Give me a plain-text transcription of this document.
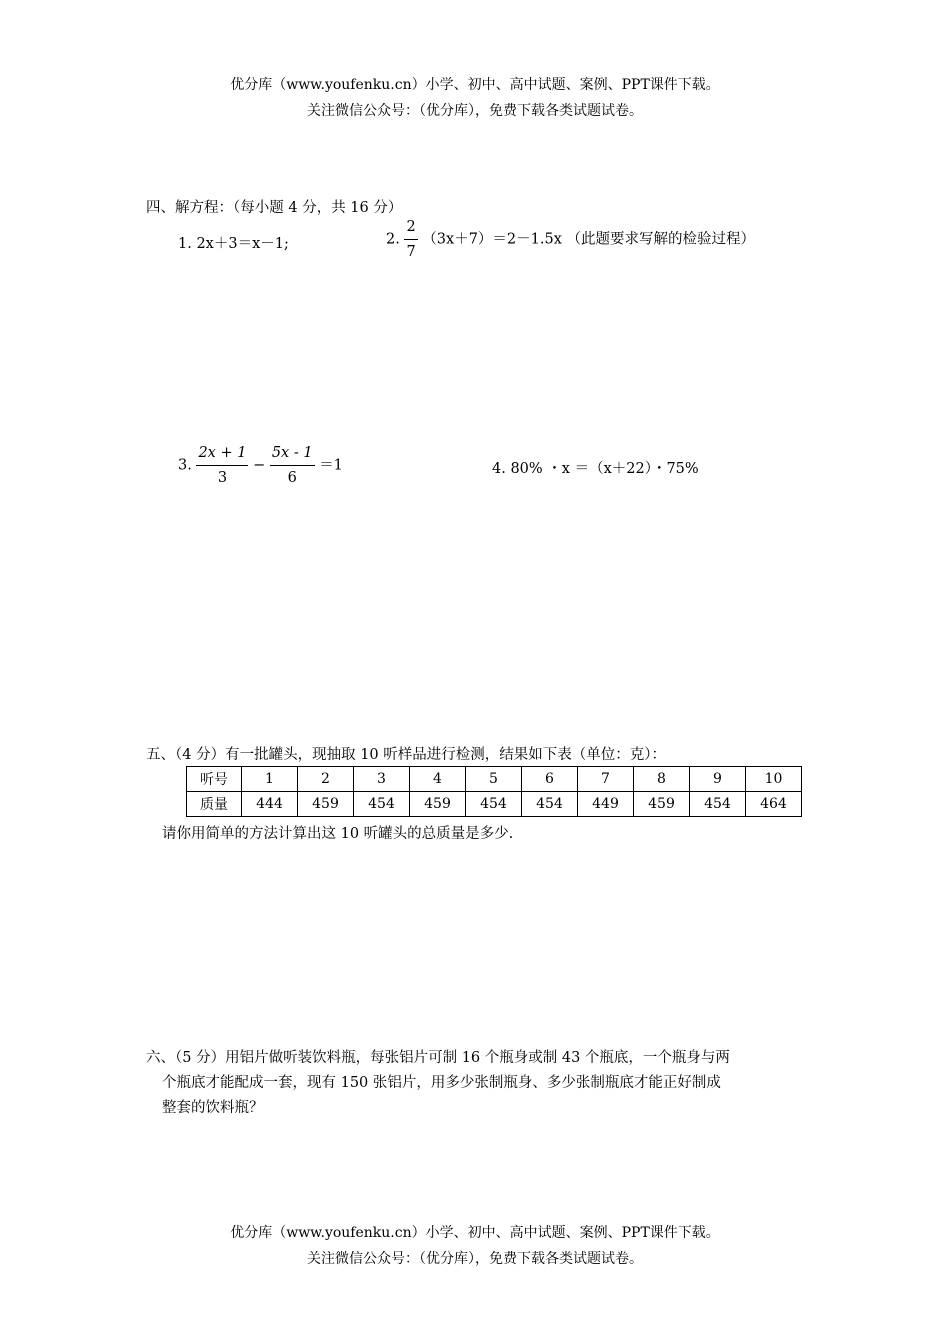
优分库（www.youfenku.cn）小学、初中、高中试题、案例、PPT课件下载。
关注微信公众号：（优分库），免费下载各类试题试卷。
四、解方程：（每小题 4 分，共 16 分）
1. 2x＋3＝x－1;	2. $\frac{2}{7} (3x+7)=2-1.5x$ （此题要求写解的检验过程）
3. $\frac{2x + 1}{3} - \frac{5x - 1}{6} =1$	4. 80% ・x ＝（x＋22）・75%
五、（4 分）有一批罐头，现抽取 10 听样品进行检测，结果如下表（单位：克）：
听号	1	2	3	4	5	6	7	8	9	10
质量	444	459	454	459	454	454	449	459	454	464
请你用简单的方法计算出这 10 听罐头的总质量是多少.
六、（5 分）用铝片做听装饮料瓶，每张铝片可制 16 个瓶身或制 43 个瓶底，一个瓶身与两
个瓶底才能配成一套，现有 150 张铝片，用多少张制瓶身、多少张制瓶底才能正好制成
整套的饮料瓶？
优分库（www.youfenku.cn）小学、初中、高中试题、案例、PPT课件下载。
关注微信公众号：（优分库），免费下载各类试题试卷。
